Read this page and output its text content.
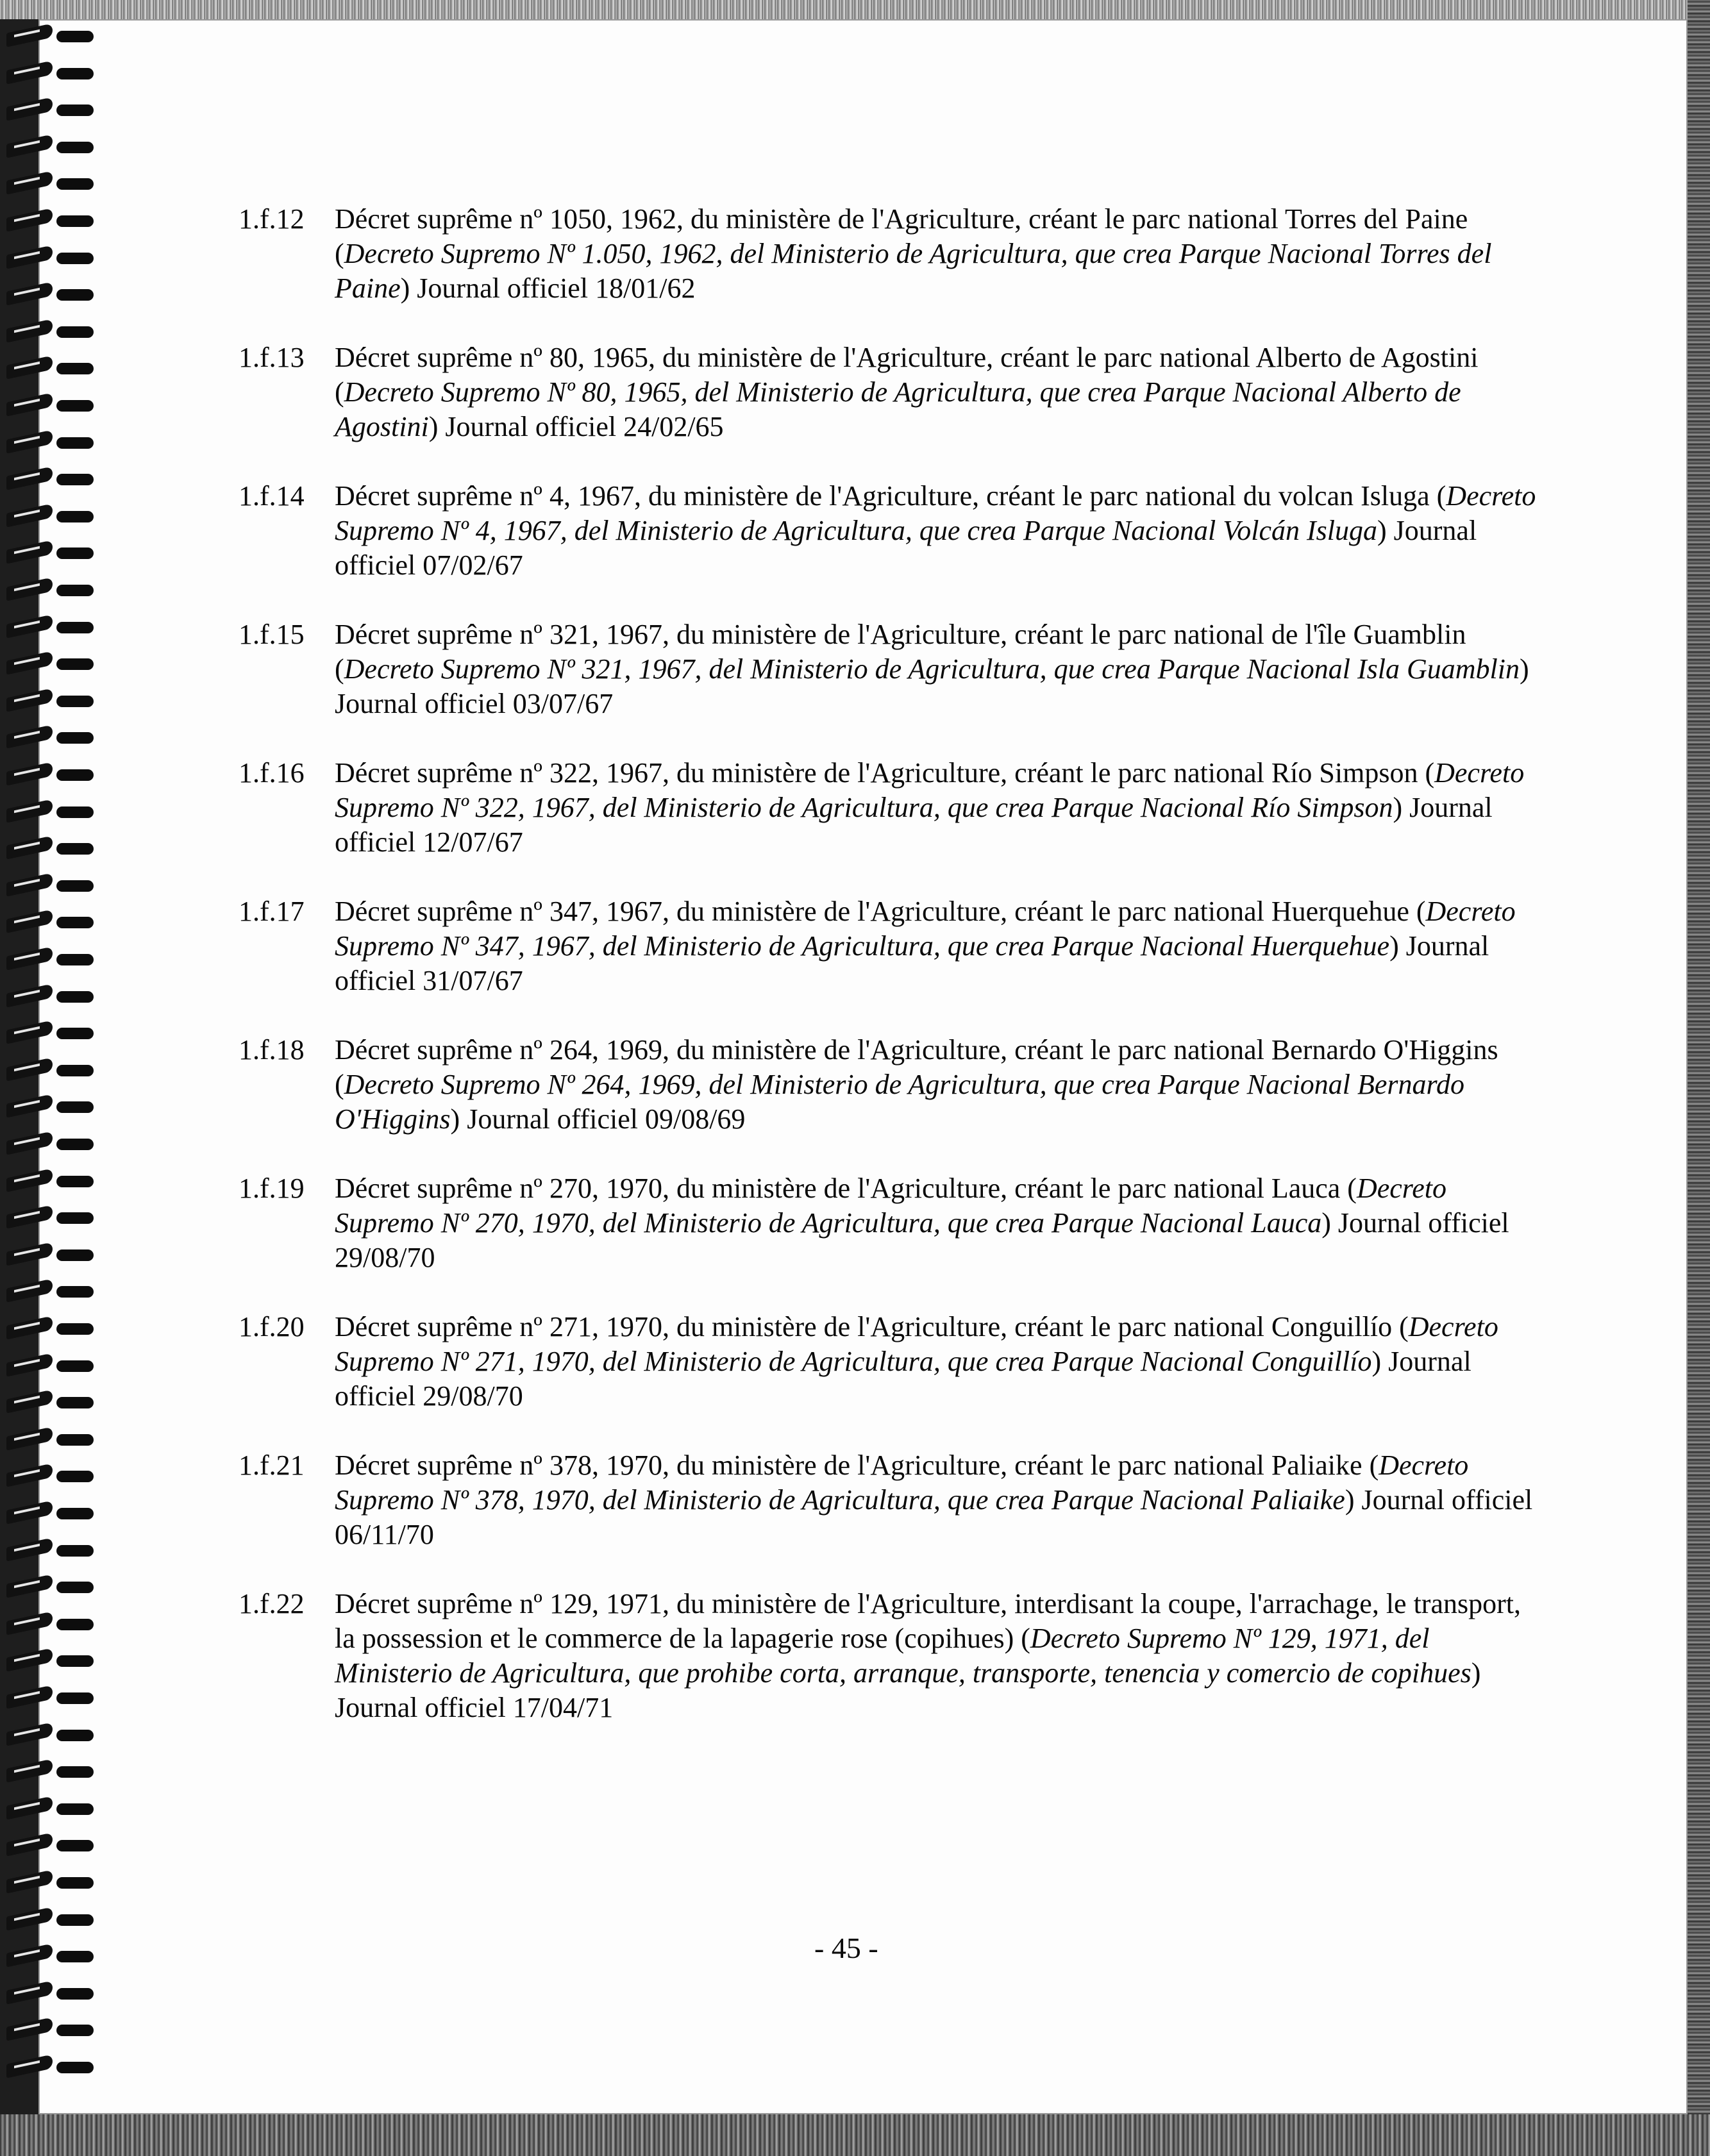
1.f.12	Décret suprême nº 1050, 1962, du ministère de l'Agriculture, créant le parc national Torres del Paine (Decreto Supremo Nº 1.050, 1962, del Ministerio de Agricultura, que crea Parque Nacional Torres del Paine) Journal officiel 18/01/62
1.f.13	Décret suprême nº 80, 1965, du ministère de l'Agriculture, créant le parc national Alberto de Agostini (Decreto Supremo Nº 80, 1965, del Ministerio de Agricultura, que crea Parque Nacional Alberto de Agostini) Journal officiel 24/02/65
1.f.14	Décret suprême nº 4, 1967, du ministère de l'Agriculture, créant le parc national du volcan Isluga (Decreto Supremo Nº 4, 1967, del Ministerio de Agricultura, que crea Parque Nacional Volcán Isluga) Journal officiel 07/02/67
1.f.15	Décret suprême nº 321, 1967, du ministère de l'Agriculture, créant le parc national de l'île Guamblin (Decreto Supremo Nº 321, 1967, del Ministerio de Agricultura, que crea Parque Nacional Isla Guamblin) Journal officiel 03/07/67
1.f.16	Décret suprême nº 322, 1967, du ministère de l'Agriculture, créant le parc national Río Simpson (Decreto Supremo Nº 322, 1967, del Ministerio de Agricultura, que crea Parque Nacional Río Simpson) Journal officiel 12/07/67
1.f.17	Décret suprême nº 347, 1967, du ministère de l'Agriculture, créant le parc national Huerquehue (Decreto Supremo Nº 347, 1967, del Ministerio de Agricultura, que crea Parque Nacional Huerquehue) Journal officiel 31/07/67
1.f.18	Décret suprême nº 264, 1969, du ministère de l'Agriculture, créant le parc national Bernardo O'Higgins (Decreto Supremo Nº 264, 1969, del Ministerio de Agricultura, que crea Parque Nacional Bernardo O'Higgins) Journal officiel 09/08/69
1.f.19	Décret suprême nº 270, 1970, du ministère de l'Agriculture, créant le parc national Lauca (Decreto Supremo Nº 270, 1970, del Ministerio de Agricultura, que crea Parque Nacional Lauca) Journal officiel 29/08/70
1.f.20	Décret suprême nº 271, 1970, du ministère de l'Agriculture, créant le parc national Conguillío (Decreto Supremo Nº 271, 1970, del Ministerio de Agricultura, que crea Parque Nacional Conguillío) Journal officiel 29/08/70
1.f.21	Décret suprême nº 378, 1970, du ministère de l'Agriculture, créant le parc national Paliaike (Decreto Supremo Nº 378, 1970, del Ministerio de Agricultura, que crea Parque Nacional Paliaike) Journal officiel 06/11/70
1.f.22	Décret suprême nº 129, 1971, du ministère de l'Agriculture, interdisant la coupe, l'arrachage, le transport, la possession et le commerce de la lapagerie rose (copihues) (Decreto Supremo Nº 129, 1971, del Ministerio de Agricultura, que prohibe corta, arranque, transporte, tenencia y comercio de copihues) Journal officiel 17/04/71
- 45 -
